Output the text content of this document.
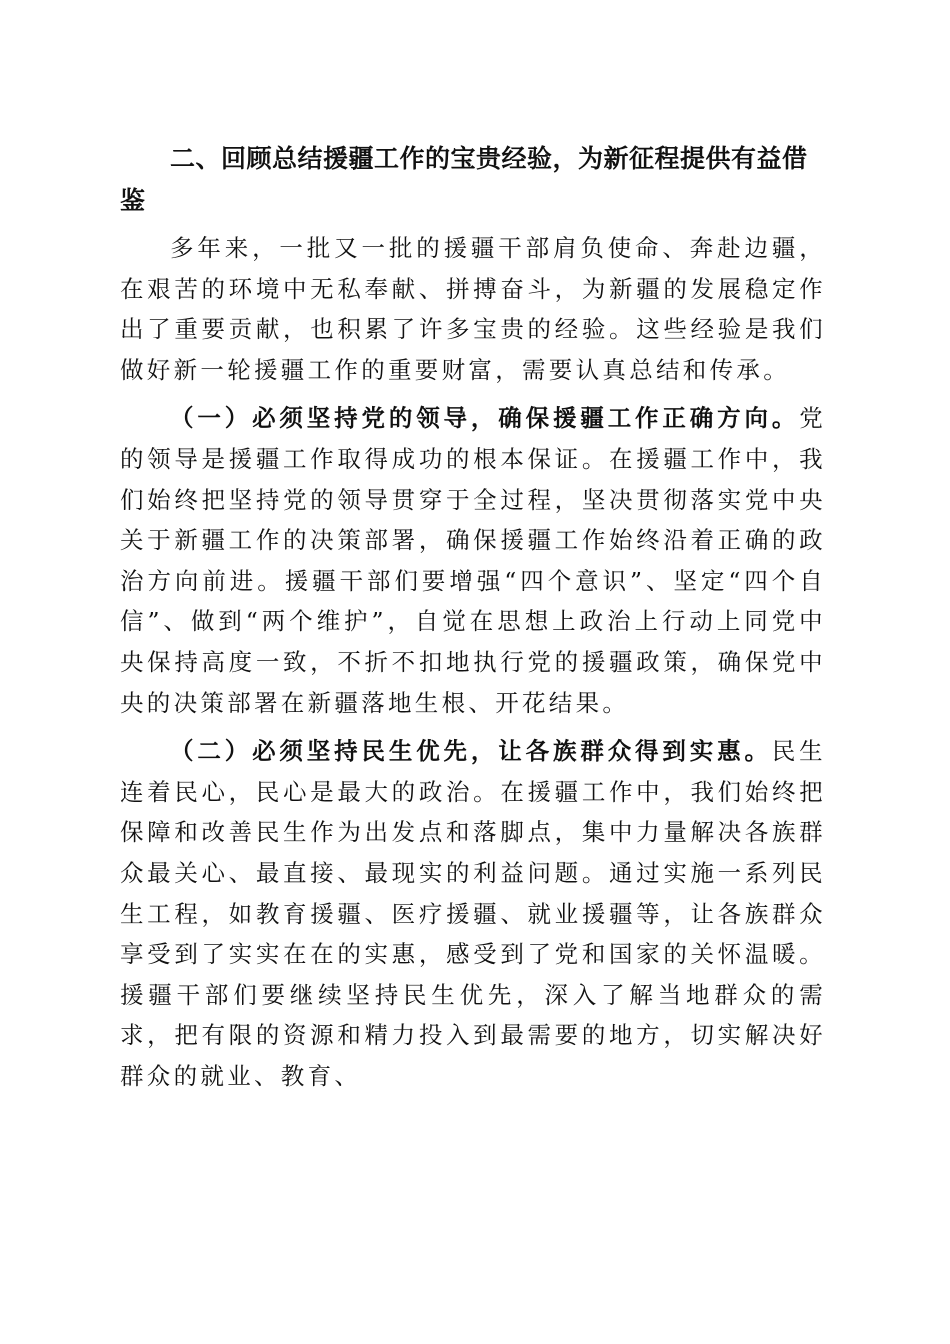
二、回顾总结援疆工作的宝贵经验，为新征程提供有益借鉴

多年来，一批又一批的援疆干部肩负使命、奔赴边疆，在艰苦的环境中无私奉献、拼搏奋斗，为新疆的发展稳定作出了重要贡献，也积累了许多宝贵的经验。这些经验是我们做好新一轮援疆工作的重要财富，需要认真总结和传承。

（一）必须坚持党的领导，确保援疆工作正确方向。党的领导是援疆工作取得成功的根本保证。在援疆工作中，我们始终把坚持党的领导贯穿于全过程，坚决贯彻落实党中央关于新疆工作的决策部署，确保援疆工作始终沿着正确的政治方向前进。援疆干部们要增强“四个意识”、坚定“四个自信”、做到“两个维护”，自觉在思想上政治上行动上同党中央保持高度一致，不折不扣地执行党的援疆政策，确保党中央的决策部署在新疆落地生根、开花结果。

（二）必须坚持民生优先，让各族群众得到实惠。民生连着民心，民心是最大的政治。在援疆工作中，我们始终把保障和改善民生作为出发点和落脚点，集中力量解决各族群众最关心、最直接、最现实的利益问题。通过实施一系列民生工程，如教育援疆、医疗援疆、就业援疆等，让各族群众享受到了实实在在的实惠，感受到了党和国家的关怀温暖。援疆干部们要继续坚持民生优先，深入了解当地群众的需求，把有限的资源和精力投入到最需要的地方，切实解决好群众的就业、教育、
